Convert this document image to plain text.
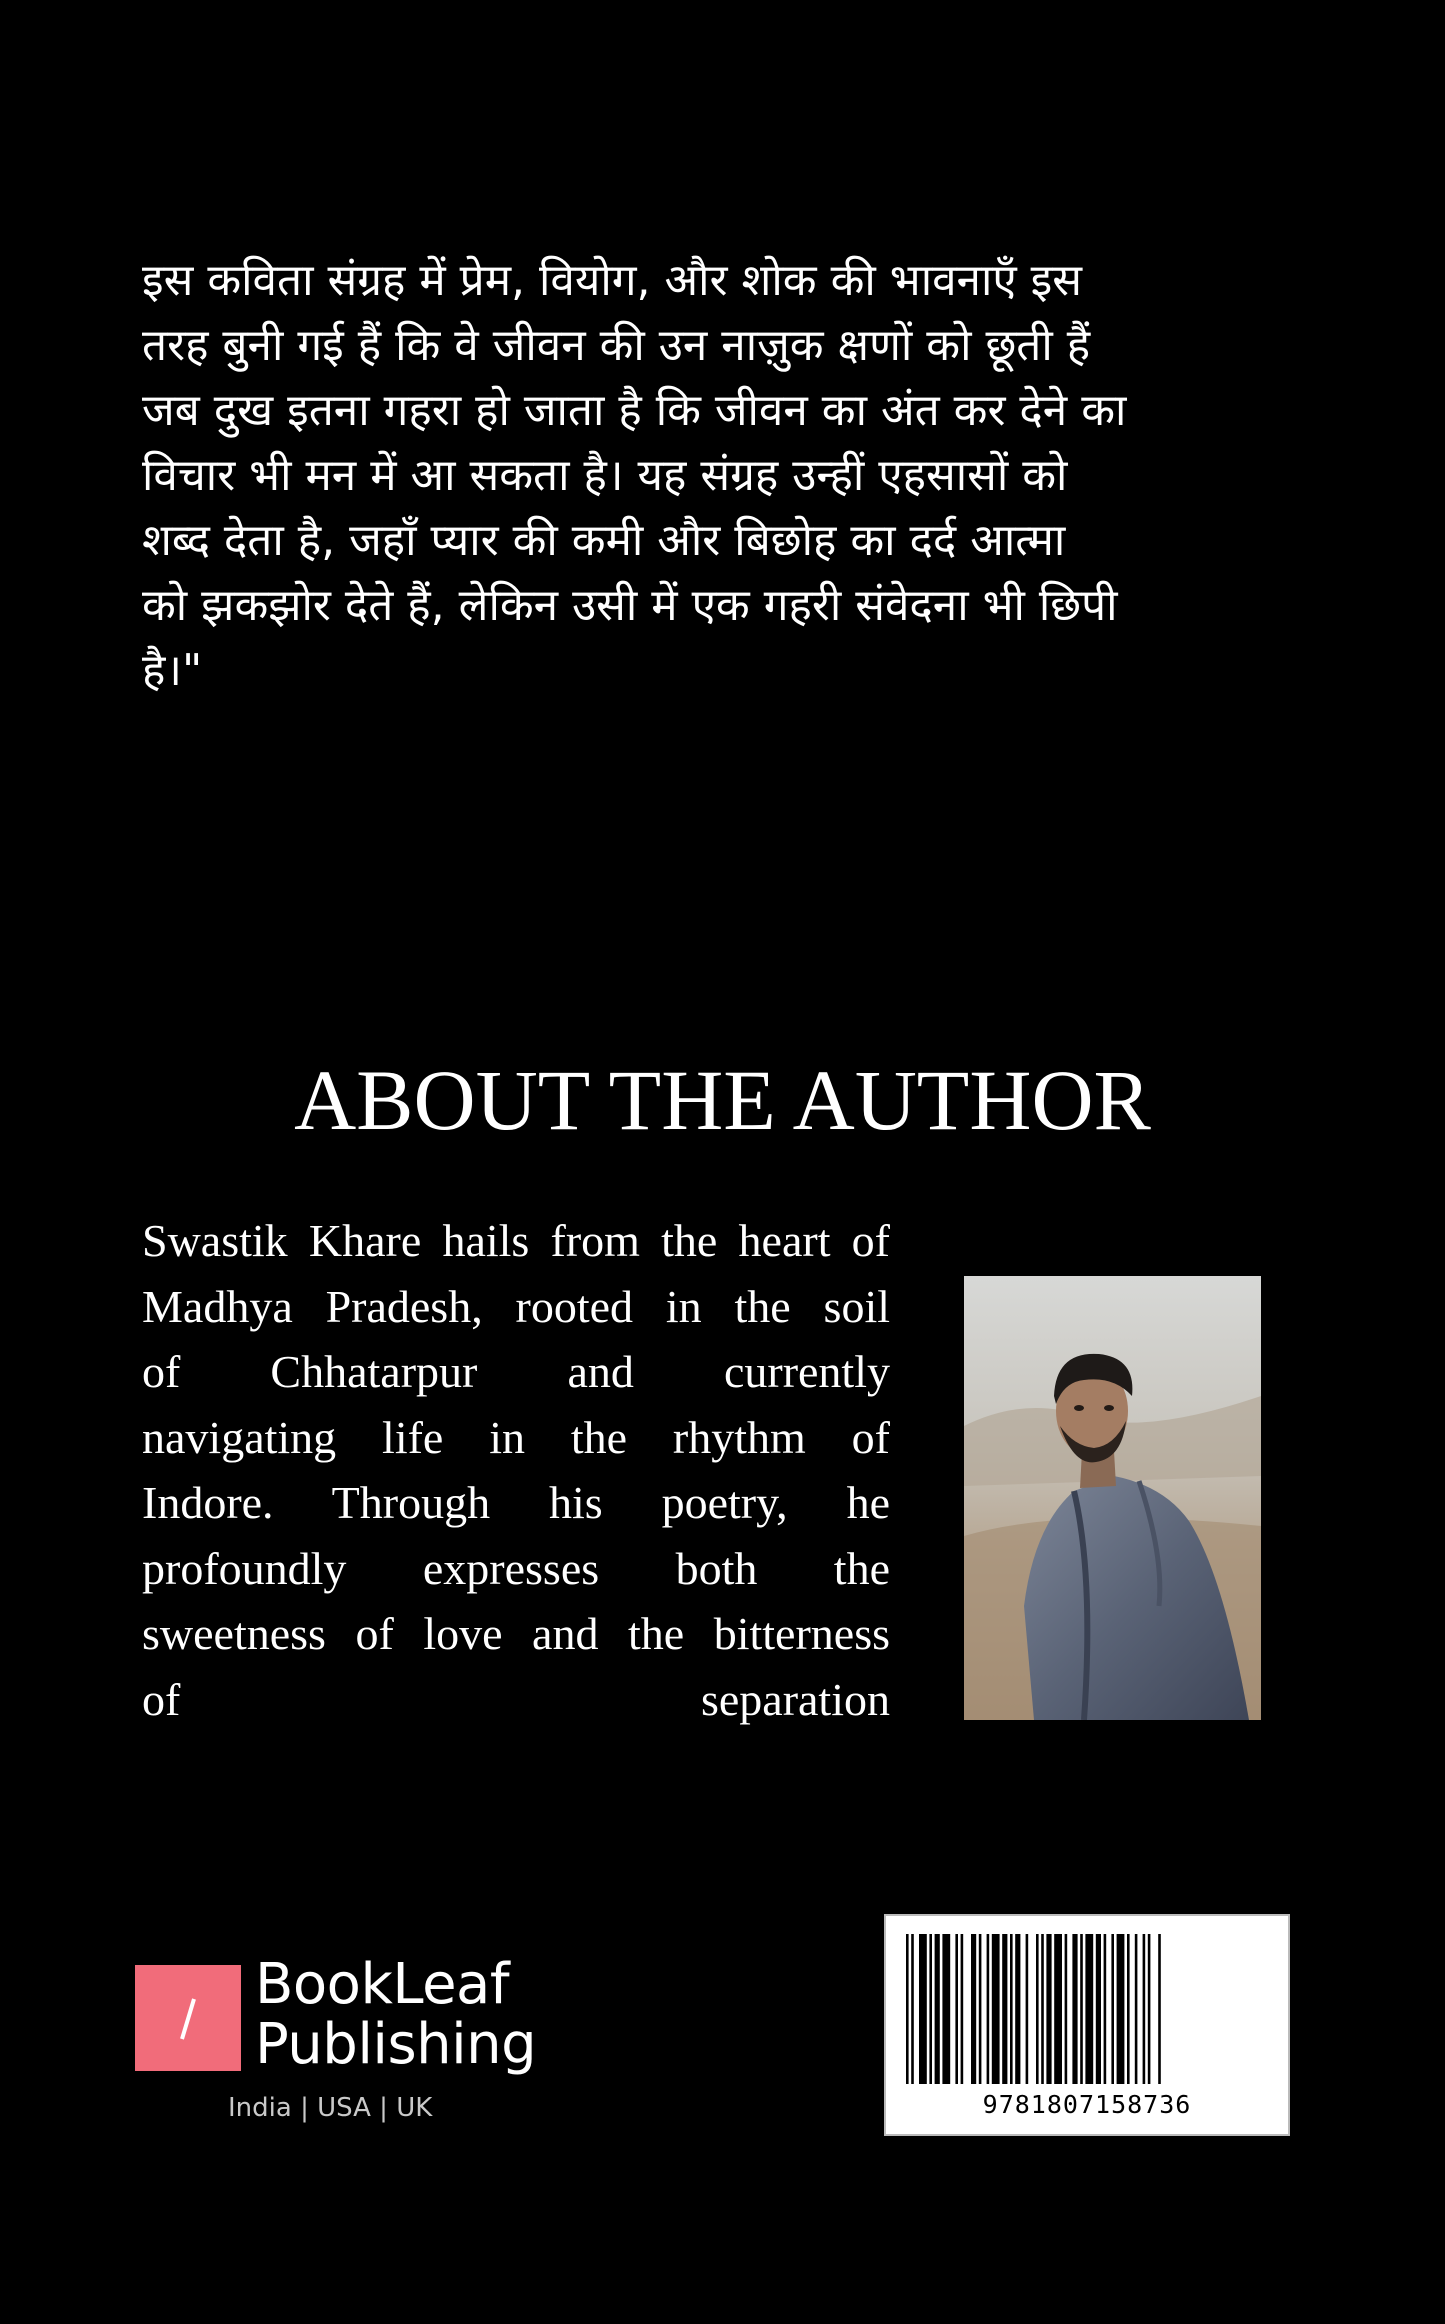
इस कविता संग्रह में प्रेम, वियोग, और शोक की भावनाएँ इस
तरह बुनी गई हैं कि वे जीवन की उन नाज़ुक क्षणों को छूती हैं
जब दुख इतना गहरा हो जाता है कि जीवन का अंत कर देने का
विचार भी मन में आ सकता है। यह संग्रह उन्हीं एहसासों को
शब्द देता है, जहाँ प्यार की कमी और बिछोह का दर्द आत्मा
को झकझोर देते हैं, लेकिन उसी में एक गहरी संवेदना भी छिपी
है।"
ABOUT THE AUTHOR
Swastik Khare hails from the heart of
Madhya Pradesh, rooted in the soil
of Chhatarpur and currently
navigating life in the rhythm of
Indore. Through his poetry, he
profoundly expresses both the
sweetness of love and the bitterness
of separation
BookLeaf
Publishing
India | USA | UK	9781807158736
